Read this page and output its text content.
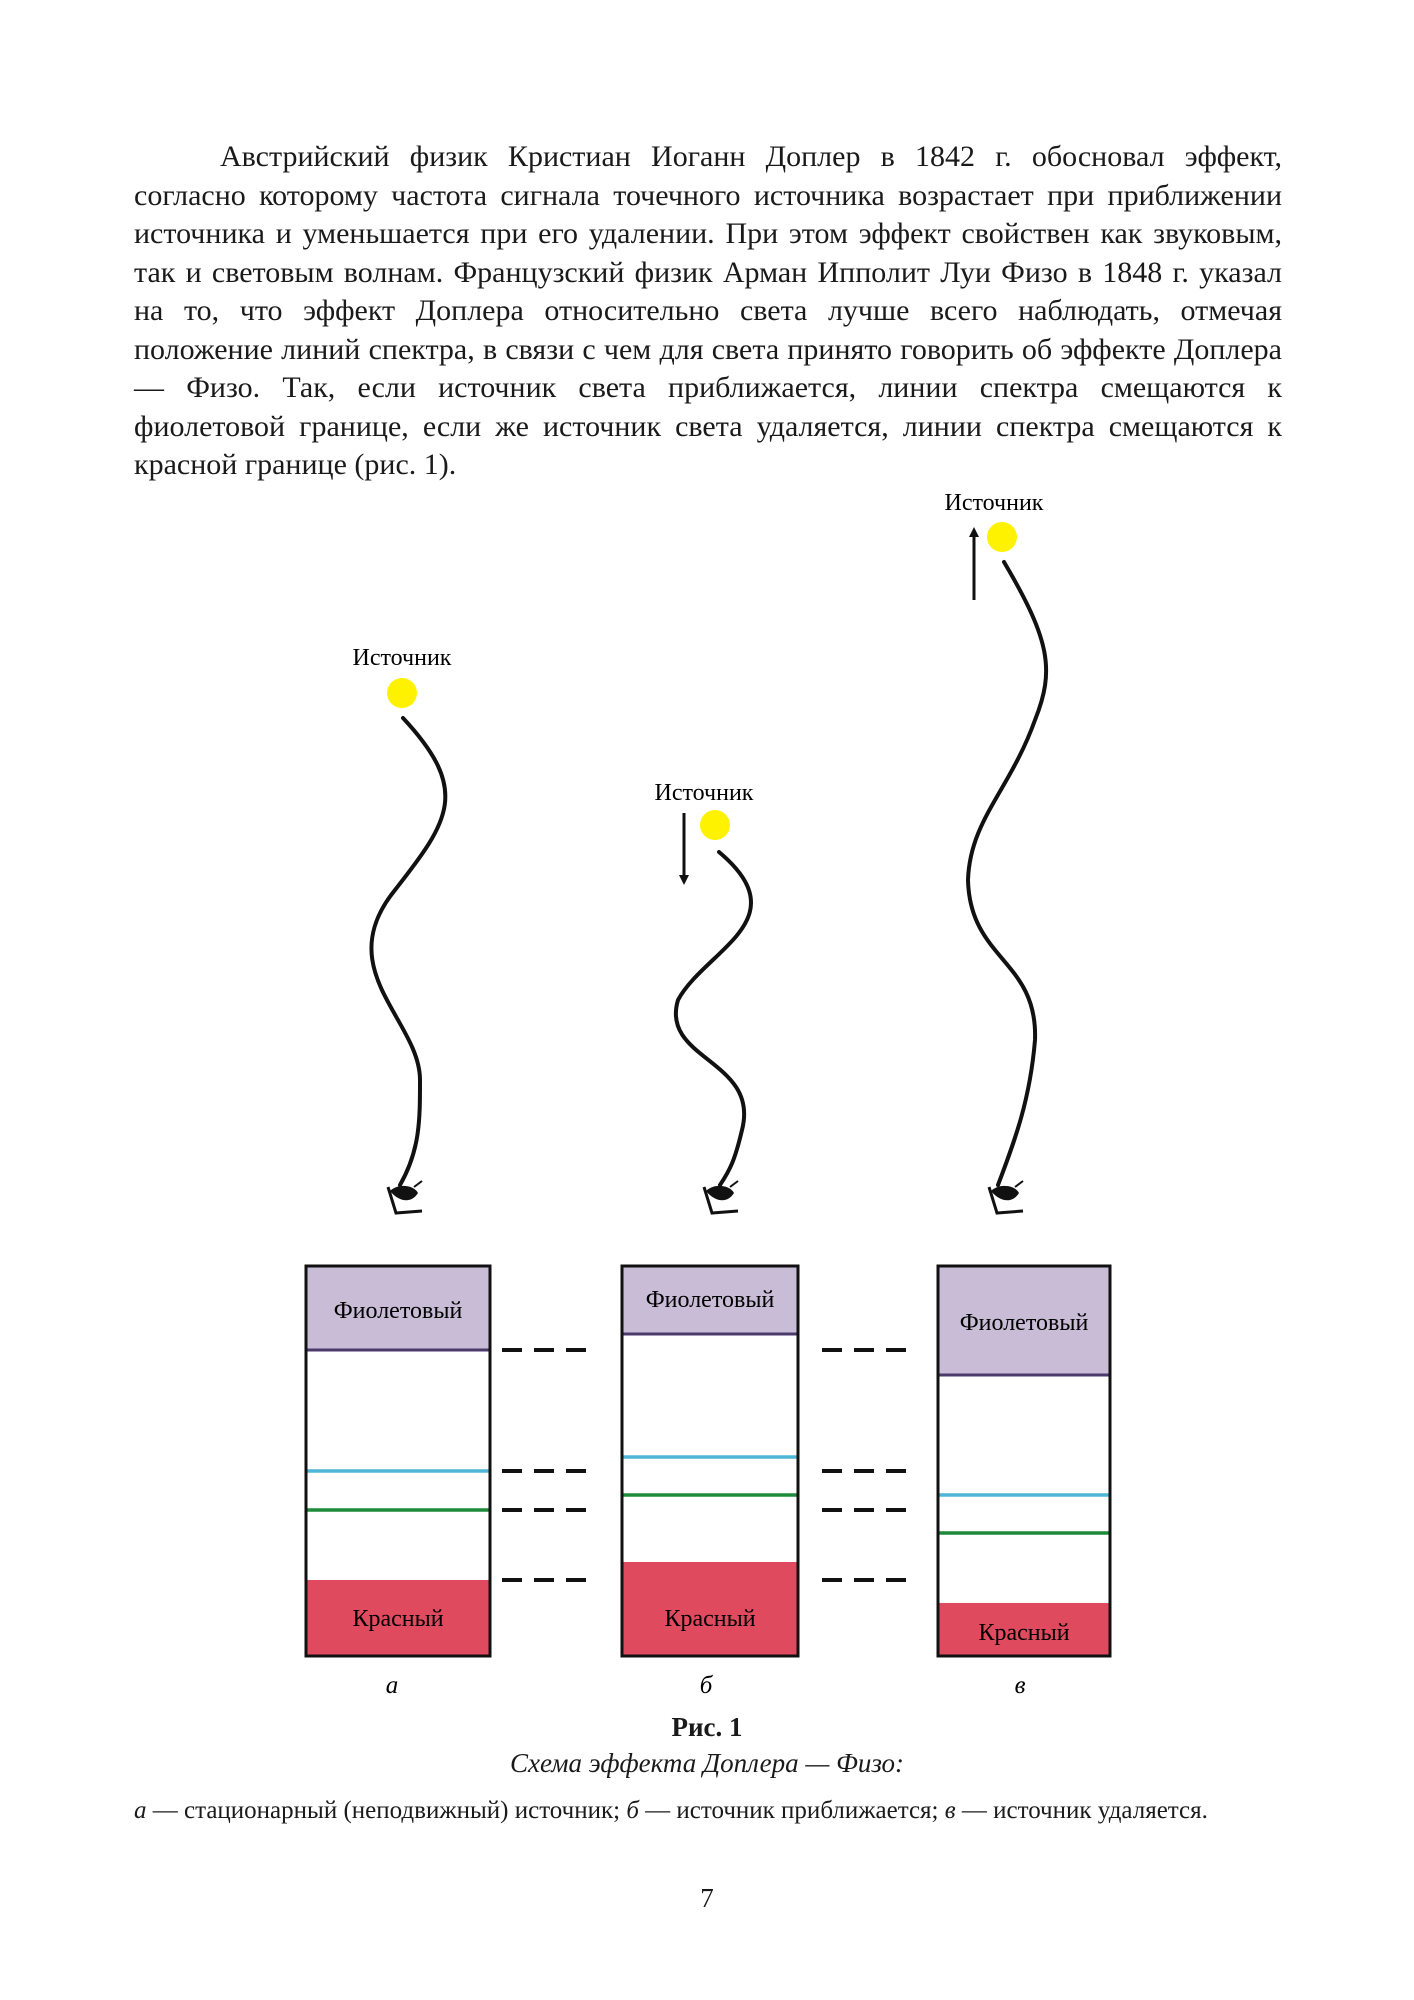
Австрийский физик Кристиан Иоганн Доплер в 1842 г. обосновал эффект, согласно которому частота сигнала точечного источника возрастает при приближении источника и уменьшается при его удалении. При этом эффект свойствен как звуковым, так и световым волнам. Французский физик Арман Ипполит Луи Физо в 1848 г. указал на то, что эффект Доплера относительно света лучше всего наблюдать, отмечая положение линий спектра, в связи с чем для света принято говорить об эффекте Доплера — Физо. Так, если источник света приближается, линии спектра смещаются к фиолетовой границе, если же источник света удаляется, линии спектра смещаются к красной границе (рис. 1).

Источник
Источник
Источник
Фиолетовый
Красный
а
Фиолетовый
Красный
б
Фиолетовый
Красный
в
Рис. 1
Схема эффекта Доплера — Физо:

а — стационарный (неподвижный) источник; б — источник приближается; в — источник удаляется.

7
